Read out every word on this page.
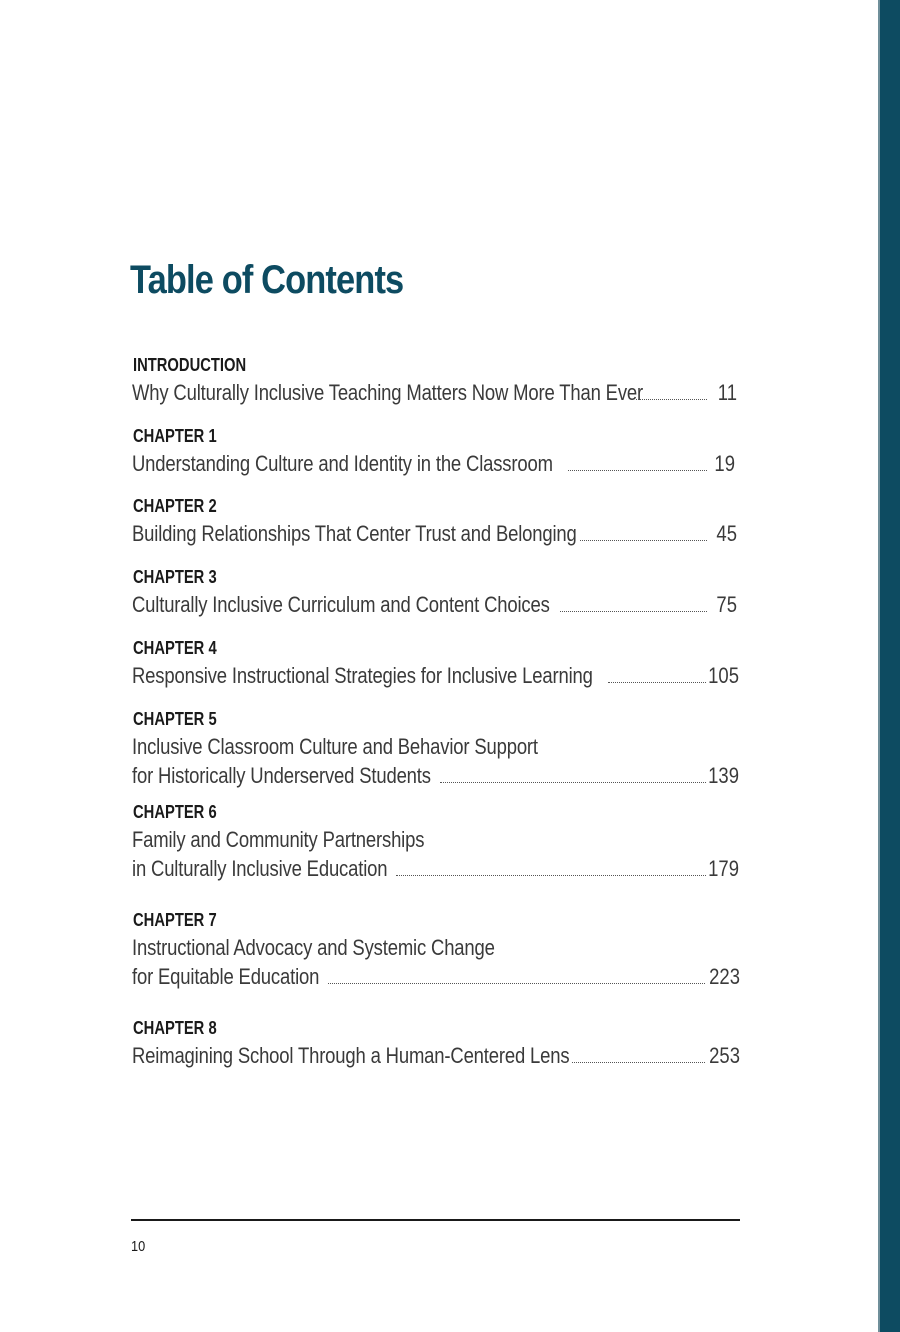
Table of Contents
INTRODUCTION
Why Culturally Inclusive Teaching Matters Now More Than Ever	11
CHAPTER 1
Understanding Culture and Identity in the Classroom	19
CHAPTER 2
Building Relationships That Center Trust and Belonging	45
CHAPTER 3
Culturally Inclusive Curriculum and Content Choices	75
CHAPTER 4
Responsive Instructional Strategies for Inclusive Learning	105
CHAPTER 5
Inclusive Classroom Culture and Behavior Support
for Historically Underserved Students	139
CHAPTER 6
Family and Community Partnerships
in Culturally Inclusive Education	179
CHAPTER 7
Instructional Advocacy and Systemic Change
for Equitable Education	223
CHAPTER 8
Reimagining School Through a Human-Centered Lens	253
10
